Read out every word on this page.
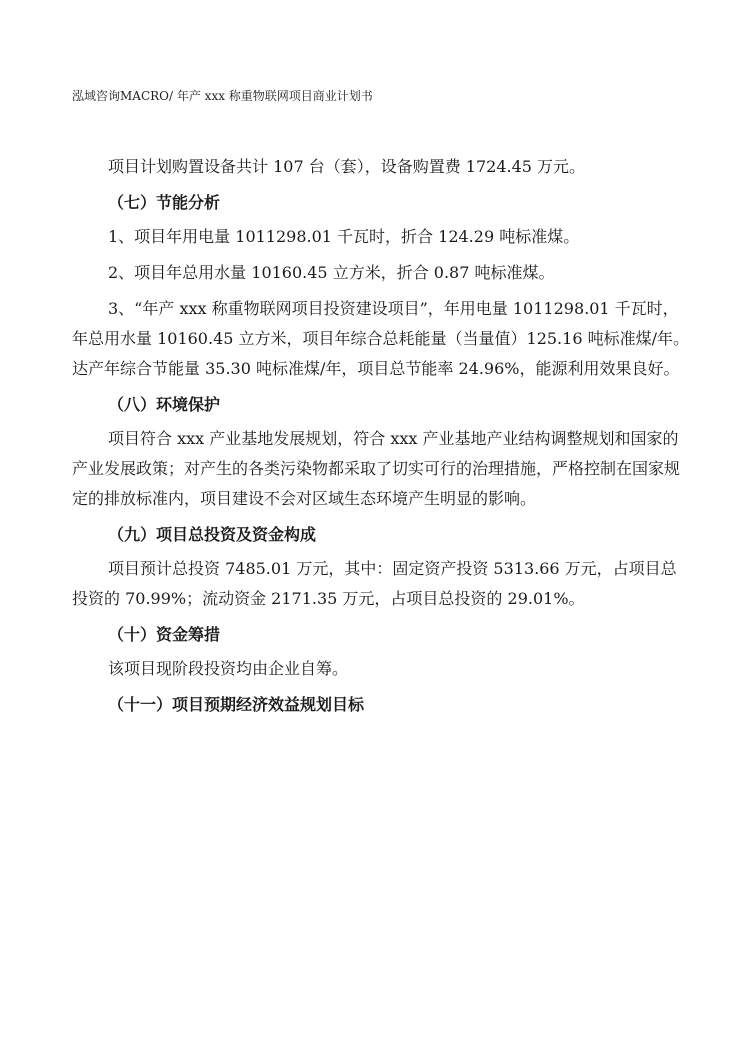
泓域咨询MACRO/ 年产 xxx 称重物联网项目商业计划书

项目计划购置设备共计 107 台（套），设备购置费 1724.45 万元。

（七）节能分析

1、项目年用电量 1011298.01 千瓦时，折合 124.29 吨标准煤。

2、项目年总用水量 10160.45 立方米，折合 0.87 吨标准煤。

3、“年产 xxx 称重物联网项目投资建设项目”，年用电量 1011298.01 千瓦时，年总用水量 10160.45 立方米，项目年综合总耗能量（当量值）125.16 吨标准煤/年。达产年综合节能量 35.30 吨标准煤/年，项目总节能率 24.96%，能源利用效果良好。

（八）环境保护

项目符合 xxx 产业基地发展规划，符合 xxx 产业基地产业结构调整规划和国家的产业发展政策；对产生的各类污染物都采取了切实可行的治理措施，严格控制在国家规定的排放标准内，项目建设不会对区域生态环境产生明显的影响。

（九）项目总投资及资金构成

项目预计总投资 7485.01 万元，其中：固定资产投资 5313.66 万元，占项目总投资的 70.99%；流动资金 2171.35 万元，占项目总投资的 29.01%。

（十）资金筹措

该项目现阶段投资均由企业自筹。

（十一）项目预期经济效益规划目标
